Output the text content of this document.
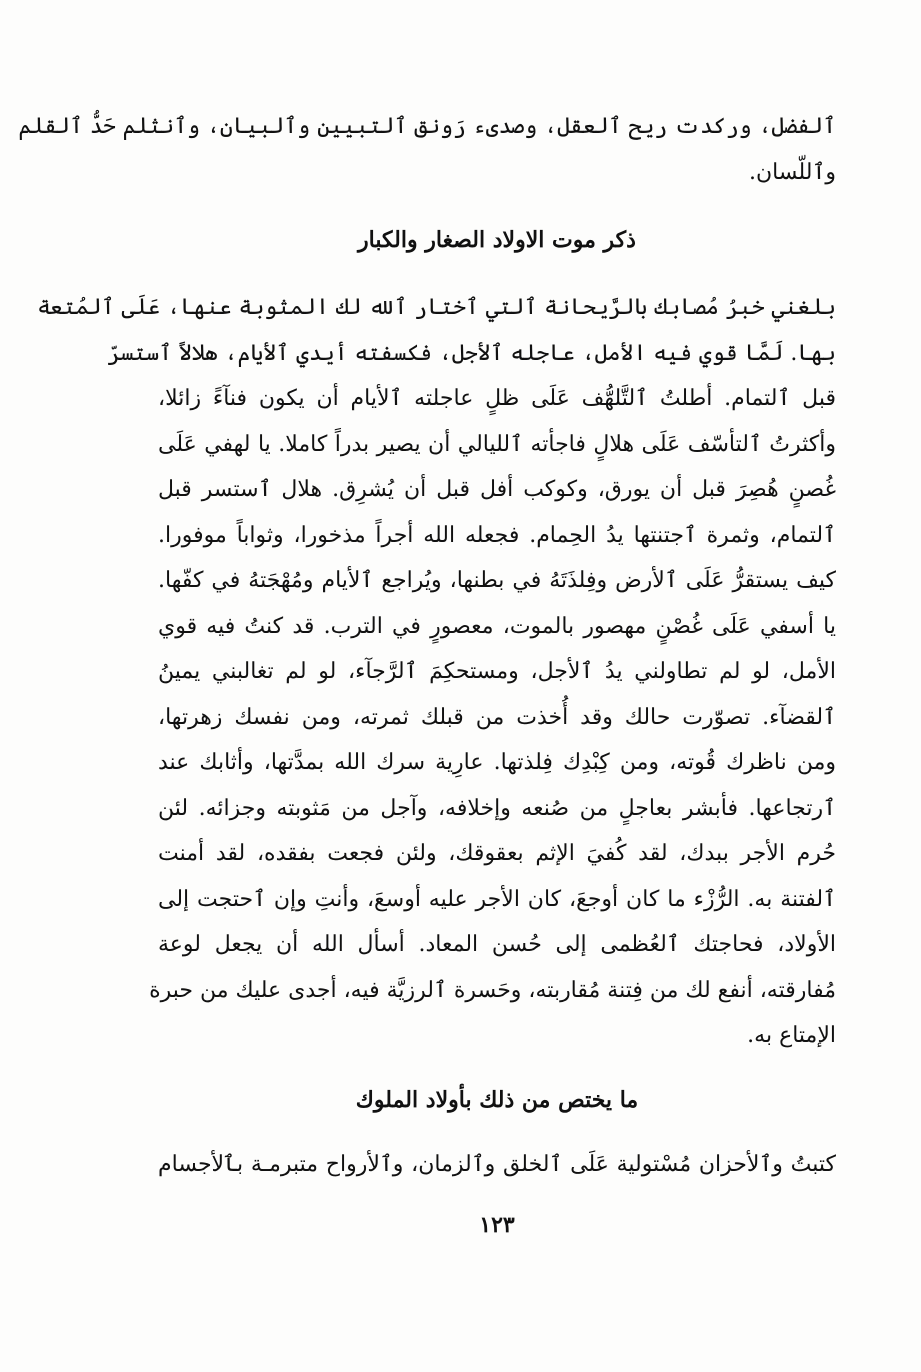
ٱلفضل، وركدت ريح ٱلعقل، وصدىء رَونق ٱلتبيين وٱلبيان، وٱنثلم حَدُّ ٱلقلم
وٱللّسان.
ذكر موت الاولاد الصغار والكبار
بلغني خبرُ مُصابك بالرَّيحانة ٱلتي ٱختار ٱلله لك المثوبة عنها، عَلَى ٱلمُتعة
بها. لَمَّا قوي فيه الأمل، عاجله ٱلأجل، فكسفته أيدي ٱلأيام، هلالاً ٱستسرّ
قبل ٱلتمام. أطلتُ ٱلتَّلهُّف عَلَى ظلٍ عاجلته ٱلأيام أن يكون فنآءً زائلا،
وأكثرتُ ٱلتأسّف عَلَى هلالٍ فاجأته ٱلليالي أن يصير بدراً كاملا. يا لهفي عَلَى
غُصنٍ هُصِرَ قبل أن يورق، وكوكب أفل قبل أن يُشرِق. هلال ٱستسر قبل
ٱلتمام، وثمرة ٱجتنتها يدُ الحِمام. فجعله الله أجراً مذخورا، وثواباً موفورا.
كيف يستقرُّ عَلَى ٱلأرض وفِلذَتَهُ في بطنها، ويُراجع ٱلأيام ومُهْجَتهُ في كفّها.
يا أسفي عَلَى غُصْنٍ مهصور بالموت، معصورٍ في الترب. قد كنتُ فيه قوي
الأمل، لو لم تطاولني يدُ ٱلأجل، ومستحكِمَ ٱلرَّجآء، لو لم تغالبني يمينُ
ٱلقضآء. تصوّرت حالك وقد أُخذت من قبلك ثمرته، ومن نفسك زهرتها،
ومن ناظرك قُوته، ومن كِبْدِك فِلذتها. عارِية سرك الله بمدَّتها، وأثابك عند
ٱرتجاعها. فأبشر بعاجلٍ من صُنعه وإخلافه، وآجل من مَثوبته وجزائه. لئن
حُرم الأجر ببدك، لقد كُفيَ الإثم بعقوقك، ولئن فجعت بفقده، لقد أمنت
ٱلفتنة به. الرُّزْء ما كان أوجعَ، كان الأجر عليه أوسعَ، وأنتِ وإن ٱحتجت إلى
الأولاد، فحاجتك ٱلعُظمى إلى حُسن المعاد. أسأل الله أن يجعل لوعة
مُفارقته، أنفع لك من فِتنة مُقاربته، وحَسرة ٱلرزيَّة فيه، أجدى عليك من حبرة
الإمتاع به.
ما يختص من ذلك بأولاد الملوك
كتبتُ وٱلأحزان مُسْتولية عَلَى ٱلخلق وٱلزمان، وٱلأرواح متبرمـة بٱلأجسام
١٢٣
